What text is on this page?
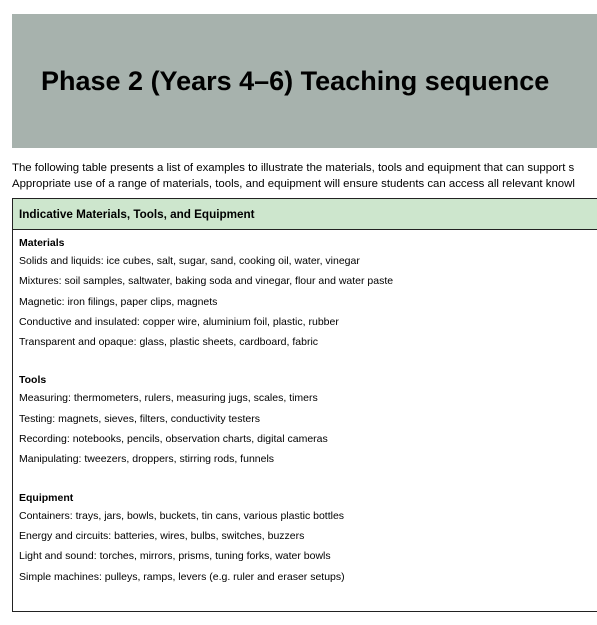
Phase 2 (Years 4–6) Teaching sequence

The following table presents a list of examples to illustrate the materials, tools and equipment that can support s

Appropriate use of a range of materials, tools, and equipment will ensure students can access all relevant knowl

Indicative Materials, Tools, and Equipment

Materials

Solids and liquids: ice cubes, salt, sugar, sand, cooking oil, water, vinegar

Mixtures: soil samples, saltwater, baking soda and vinegar, flour and water paste

Magnetic: iron filings, paper clips, magnets

Conductive and insulated: copper wire, aluminium foil, plastic, rubber

Transparent and opaque: glass, plastic sheets, cardboard, fabric

Tools

Measuring: thermometers, rulers, measuring jugs, scales, timers

Testing: magnets, sieves, filters, conductivity testers

Recording: notebooks, pencils, observation charts, digital cameras

Manipulating: tweezers, droppers, stirring rods, funnels

Equipment

Containers: trays, jars, bowls, buckets, tin cans, various plastic bottles

Energy and circuits: batteries, wires, bulbs, switches, buzzers

Light and sound: torches, mirrors, prisms, tuning forks, water bowls

Simple machines: pulleys, ramps, levers (e.g. ruler and eraser setups)
